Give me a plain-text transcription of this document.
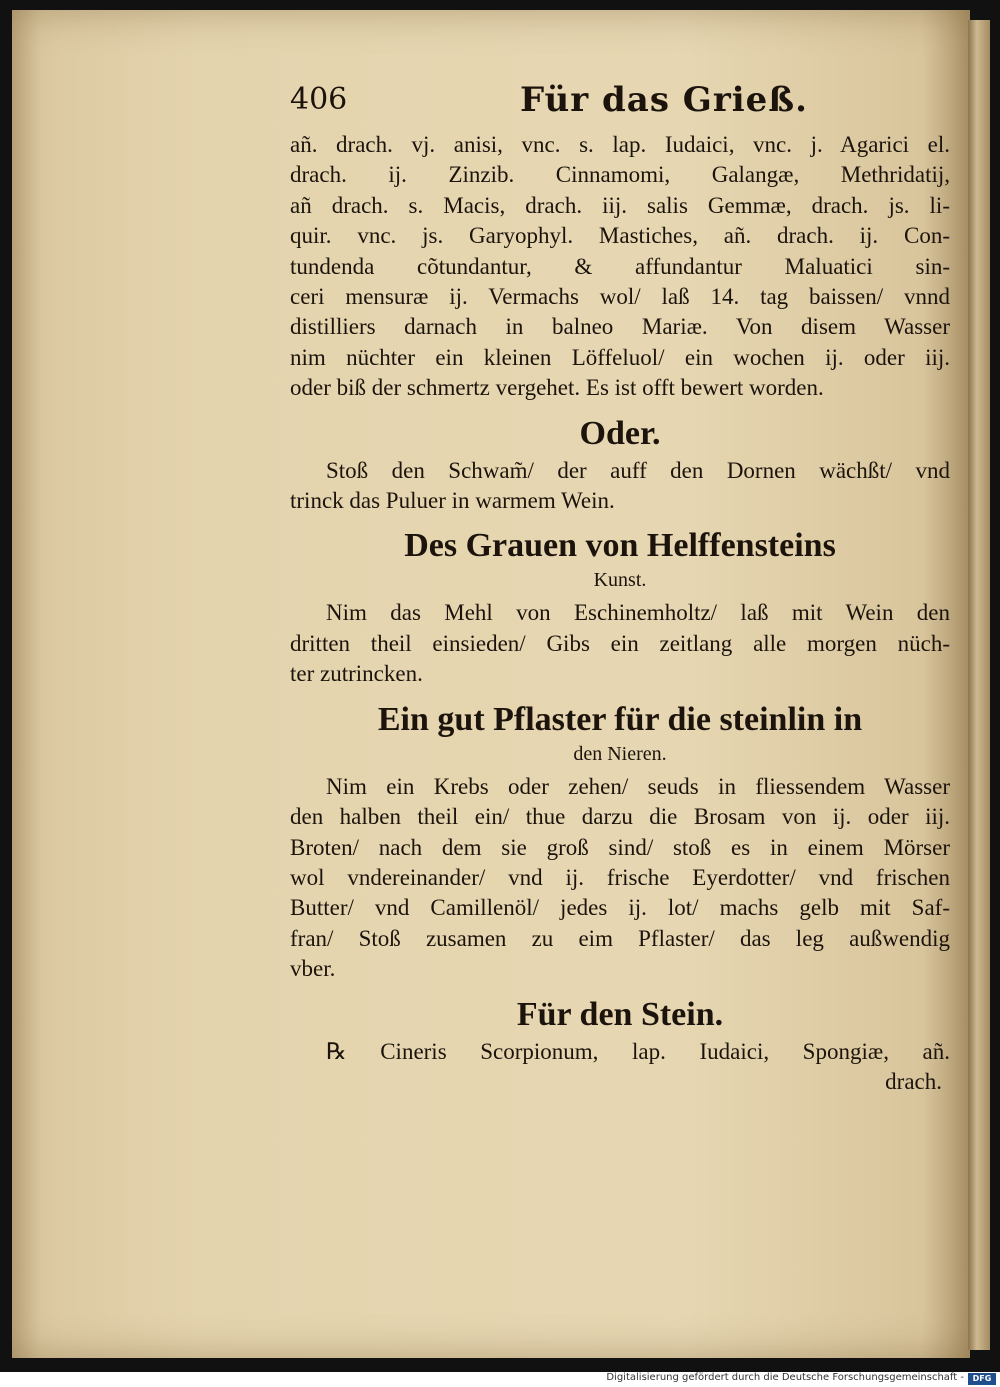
406	Für das Grieß.
añ. drach. vj. anisi, vnc. s. lap. Iudaici, vnc. j. Agarici el.
drach. ij. Zinzib. Cinnamomi, Galangæ, Methridatij,
añ drach. s. Macis, drach. iij. salis Gemmæ, drach. js. li-
quir. vnc. js. Garyophyl. Mastiches, añ. drach. ij. Con-
tundenda cõtundantur, & affundantur Maluatici sin-
ceri mensuræ ij. Vermachs wol/ laß 14. tag baissen/ vnnd
distilliers darnach in balneo Mariæ. Von disem Wasser
nim nüchter ein kleinen Löffeluol/ ein wochen ij. oder iij.
oder biß der schmertz vergehet. Es ist offt bewert worden.
Oder.
Stoß den Schwam̃/ der auff den Dornen wächßt/ vnd
trinck das Puluer in warmem Wein.
Des Grauen von Helffensteins
Kunst.
Nim das Mehl von Eschinemholtz/ laß mit Wein den
dritten theil einsieden/ Gibs ein zeitlang alle morgen nüch-
ter zutrincken.
Ein gut Pflaster für die steinlin in
den Nieren.
Nim ein Krebs oder zehen/ seuds in fliessendem Wasser
den halben theil ein/ thue darzu die Brosam von ij. oder iij.
Broten/ nach dem sie groß sind/ stoß es in einem Mörser
wol vndereinander/ vnd ij. frische Eyerdotter/ vnd frischen
Butter/ vnd Camillenöl/ jedes ij. lot/ machs gelb mit Saf-
fran/ Stoß zusamen zu eim Pflaster/ das leg außwendig
vber.
Für den Stein.
℞ Cineris Scorpionum, lap. Iudaici, Spongiæ, añ.
drach.
Digitalisierung gefördert durch die Deutsche Forschungsgemeinschaft -	DFG
